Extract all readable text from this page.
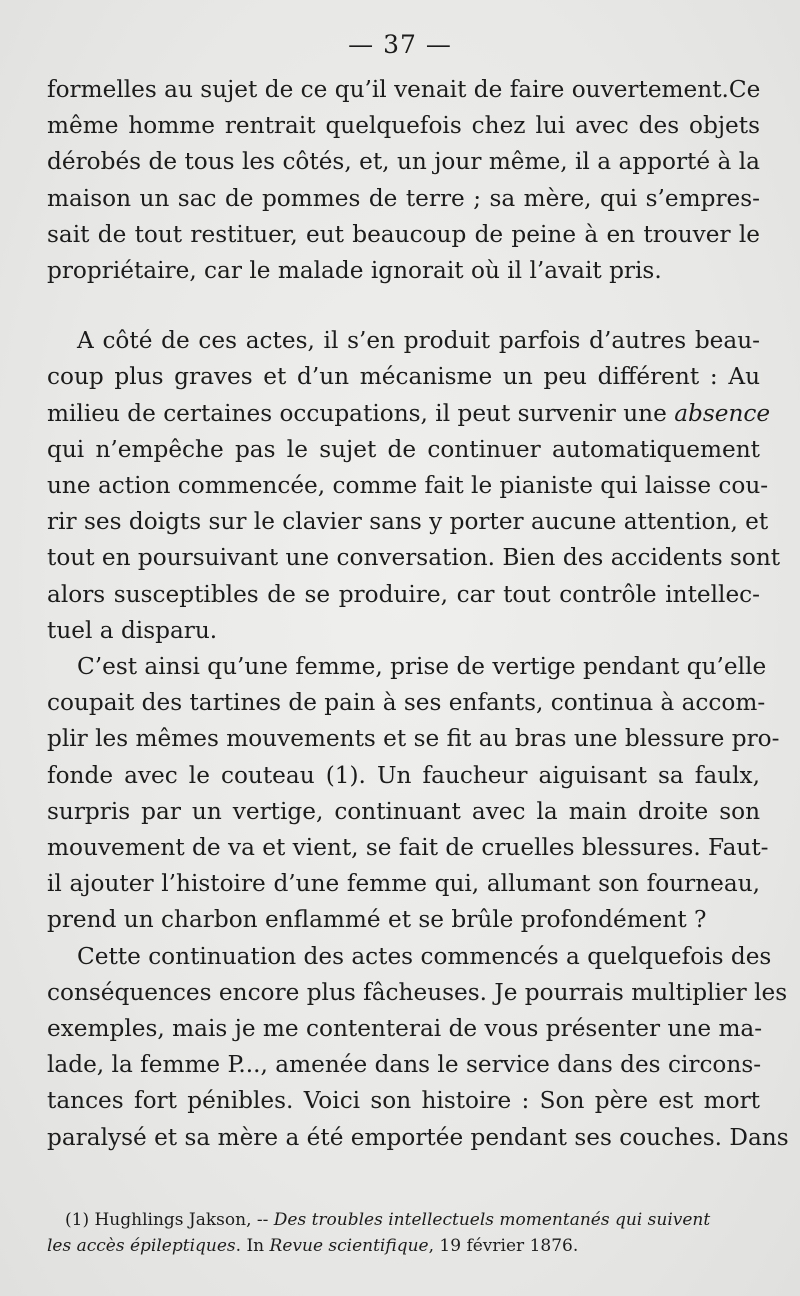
— 37 —
formelles au sujet de ce qu’il venait de faire ouvertement.Ce
même homme rentrait quelquefois chez lui avec des objets
dérobés de tous les côtés, et, un jour même, il a apporté à la
maison un sac de pommes de terre ; sa mère, qui s’empres-
sait de tout restituer, eut beaucoup de peine à en trouver le
propriétaire, car le malade ignorait où il l’avait pris.
A côté de ces actes, il s’en produit parfois d’autres beau-
coup plus graves et d’un mécanisme un peu différent : Au
milieu de certaines occupations, il peut survenir une absence
qui n’empêche pas le sujet de continuer automatiquement
une action commencée, comme fait le pianiste qui laisse cou-
rir ses doigts sur le clavier sans y porter aucune attention, et
tout en poursuivant une conversation. Bien des accidents sont
alors susceptibles de se produire, car tout contrôle intellec-
tuel a disparu.
C’est ainsi qu’une femme, prise de vertige pendant qu’elle
coupait des tartines de pain à ses enfants, continua à accom-
plir les mêmes mouvements et se fit au bras une blessure pro-
fonde avec le couteau (1). Un faucheur aiguisant sa faulx,
surpris par un vertige, continuant avec la main droite son
mouvement de va et vient, se fait de cruelles blessures. Faut-
il ajouter l’histoire d’une femme qui, allumant son fourneau,
prend un charbon enflammé et se brûle profondément ?
Cette continuation des actes commencés a quelquefois des
conséquences encore plus fâcheuses. Je pourrais multiplier les
exemples, mais je me contenterai de vous présenter une ma-
lade, la femme P..., amenée dans le service dans des circons-
tances fort pénibles. Voici son histoire : Son père est mort
paralysé et sa mère a été emportée pendant ses couches. Dans
(1) Hughlings Jakson, -- Des troubles intellectuels momentanés qui suivent
les accès épileptiques. In Revue scientifique, 19 février 1876.
